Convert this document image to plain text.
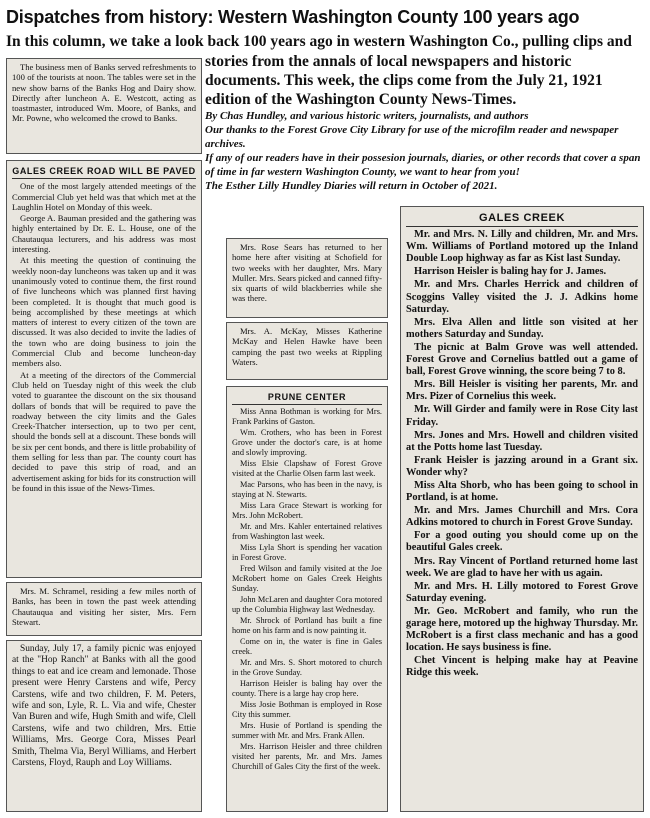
Dispatches from history: Western Washington County 100 years ago
In this column, we take a look back 100 years ago in western Washington Co., pulling clips and
stories from the annals of local newspapers and historic documents. This week, the clips come from the July 21, 1921 edition of the Washington County News-Times.
By Chas Hundley, and various historic writers, journalists, and authors
Our thanks to the Forest Grove City Library for use of the microfilm reader and newspaper archives.
If any of our readers have in their possesion journals, diaries, or other records that cover a span of time in far western Washington County, we want to hear from you!
The Esther Lilly Hundley Diaries will return in October of 2021.

The business men of Banks served refreshments to 100 of the tourists at noon. The tables were set in the new show barns of the Banks Hog and Dairy show. Directly after luncheon A. E. Westcott, acting as toastmaster, introduced Wm. Moore, of Banks, and Mr. Powne, who welcomed the crowd to Banks.

GALES CREEK ROAD WILL BE PAVED

One of the most largely attended meetings of the Commercial Club yet held was that which met at the Laughlin Hotel on Monday of this week.

George A. Bauman presided and the gathering was highly entertained by Dr. E. L. House, one of the Chautauqua lecturers, and his address was most interesting.

At this meeting the question of continuing the weekly noon-day luncheons was taken up and it was unanimously voted to continue them, the first round of five luncheons which was planned first having been completed. It is thought that much good is being accomplished by these meetings at which matters of interest to every citizen of the town are discussed. It was also decided to invite the ladies of the town who are doing business to join the Commercial Club and become luncheon-day members also.

At a meeting of the directors of the Commercial Club held on Tuesday night of this week the club voted to guarantee the discount on the six thousand dollars of bonds that will be required to pave the roadway between the city limits and the Gales Creek-Thatcher intersection, up to two per cent, should the bonds sell at a discount. These bonds will be six per cent bonds, and there is little probability of them selling for less than par. The county court has decided to pave this strip of road, and an advertisement asking for bids for its construction will be found in this issue of the News-Times.

Mrs. M. Schramel, residing a few miles north of Banks, has been in town the past week attending Chautauqua and visiting her sister, Mrs. Fern Stewart.

Sunday, July 17, a family picnic was enjoyed at the "Hop Ranch" at Banks with all the good things to eat and ice cream and lemonade. Those present were Henry Carstens and wife, Percy Carstens, wife and two children, F. M. Peters, wife and son, Lyle, R. L. Via and wife, Chester Van Buren and wife, Hugh Smith and wife, Clell Carstens, wife and two children, Mrs. Ettie Williams, Mrs. George Cora, Misses Pearl Smith, Thelma Via, Beryl Williams, and Herbert Carstens, Floyd, Rauph and Loy Williams.

Mrs. Rose Sears has returned to her home here after visiting at Schofield for two weeks with her daughter, Mrs. Mary Muller. Mrs. Sears picked and canned fifty-six quarts of wild blackberries while she was there.

Mrs. A. McKay, Misses Katherine McKay and Helen Hawke have been camping the past two weeks at Rippling Waters.

PRUNE CENTER

Miss Anna Bothman is working for Mrs. Frank Parkins of Gaston.

Wm. Crothers, who has been in Forest Grove under the doctor's care, is at home and slowly improving.

Miss Elsie Clapshaw of Forest Grove visited at the Charlie Olsen farm last week.

Mac Parsons, who has been in the navy, is staying at N. Stewarts.

Miss Lara Grace Stewart is working for Mrs. John McRobert.

Mr. and Mrs. Kahler entertained relatives from Washington last week.

Miss Lyla Short is spending her vacation in Forest Grove.

Fred Wilson and family visited at the Joe McRobert home on Gales Creek Heights Sunday.

John McLaren and daughter Cora motored up the Columbia Highway last Wednesday.

Mr. Shrock of Portland has built a fine home on his farm and is now painting it.

Come on in, the water is fine in Gales creek.

Mr. and Mrs. S. Short motored to church in the Grove Sunday.

Harrison Heisler is baling hay over the county. There is a large hay crop here.

Miss Josie Bothman is employed in Rose City this summer.

Mrs. Husie of Portland is spending the summer with Mr. and Mrs. Frank Allen.

Mrs. Harrison Heisler and three children visited her parents, Mr. and Mrs. James Churchill of Gales City the first of the week.

GALES CREEK

Mr. and Mrs. N. Lilly and children, Mr. and Mrs. Wm. Williams of Portland motored up the Inland Double Loop highway as far as Kist last Sunday.

Harrison Heisler is baling hay for J. James.

Mr. and Mrs. Charles Herrick and children of Scoggins Valley visited the J. J. Adkins home Saturday.

Mrs. Elva Allen and little son visited at her mothers Saturday and Sunday.

The picnic at Balm Grove was well attended. Forest Grove and Cornelius battled out a game of ball, Forest Grove winning, the score being 7 to 8.

Mrs. Bill Heisler is visiting her parents, Mr. and Mrs. Pizer of Cornelius this week.

Mr. Will Girder and family were in Rose City last Friday.

Mrs. Jones and Mrs. Howell and children visited at the Potts home last Tuesday.

Frank Heisler is jazzing around in a Grant six. Wonder why?

Miss Alta Shorb, who has been going to school in Portland, is at home.

Mr. and Mrs. James Churchill and Mrs. Cora Adkins motored to church in Forest Grove Sunday.

For a good outing you should come up on the beautiful Gales creek.

Mrs. Ray Vincent of Portland returned home last week. We are glad to have her with us again.

Mr. and Mrs. H. Lilly motored to Forest Grove Saturday evening.

Mr. Geo. McRobert and family, who run the garage here, motored up the highway Thursday. Mr. McRobert is a first class mechanic and has a good location. He says business is fine.

Chet Vincent is helping make hay at Peavine Ridge this week.
